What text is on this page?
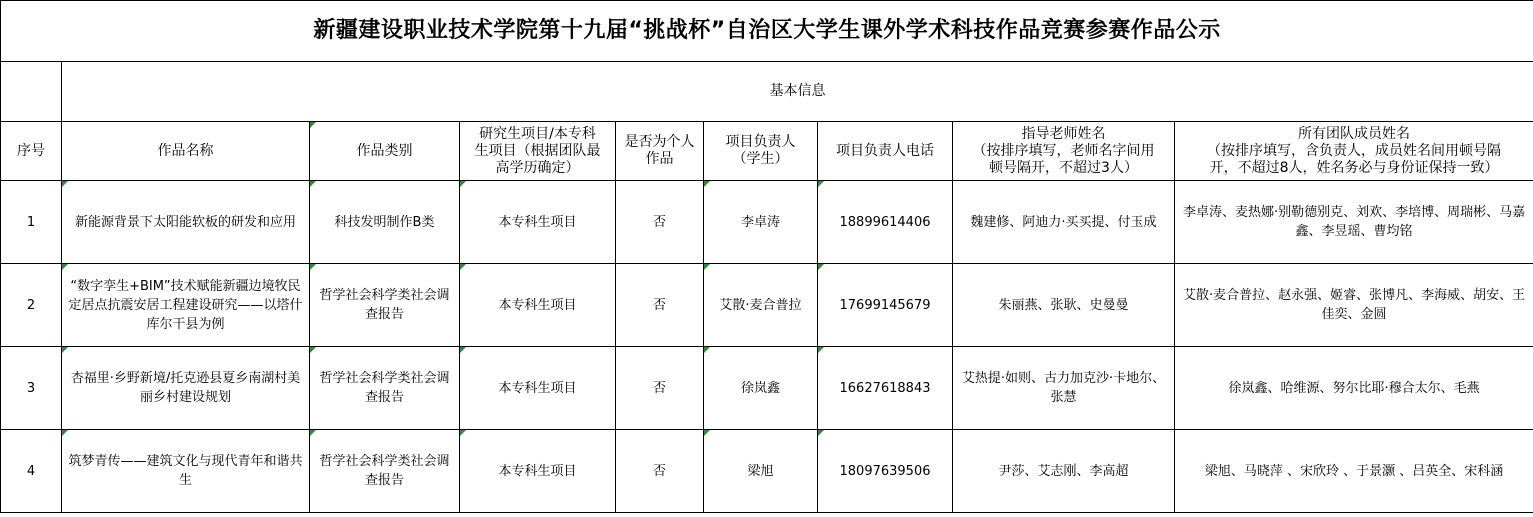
新疆建设职业技术学院第十九届“挑战杯”自治区大学生课外学术科技作品竞赛参赛作品公示								
	基本信息							
序号	作品名称	作品类别	研究生项目/本专科
生项目（根据团队最
高学历确定）	是否为个人
作品	项目负责人
（学生）	项目负责人电话	指导老师姓名
（按排序填写，老师名字间用
顿号隔开，不超过3人）	所有团队成员姓名
（按排序填写，含负责人，成员姓名间用顿号隔
开，不超过8人，姓名务必与身份证保持一致）

1	新能源背景下太阳能软板的研发和应用	科技发明制作B类	本专科生项目	否	李卓涛	18899614406	魏建修、阿迪力·买买提、付玉成	李卓涛、麦热娜·别勒德别克、刘欢、李培博、周瑞彬、马嘉鑫、李昱瑶、曹均铭
2	“数字孪生+BIM”技术赋能新疆边境牧民定居点抗震安居工程建设研究——以塔什库尔干县为例	哲学社会科学类社会调查报告	本专科生项目	否	艾散·麦合普拉	17699145679	朱丽燕、张耿、史曼曼	艾散·麦合普拉、赵永强、姬睿、张博凡、李海威、胡安、王佳奕、金圆
3	杏福里·乡野新境/托克逊县夏乡南湖村美丽乡村建设规划	哲学社会科学类社会调查报告	本专科生项目	否	徐岚鑫	16627618843	艾热提·如则、古力加克沙·卡地尔、张慧	徐岚鑫、哈维源、努尔比耶·穆合太尔、毛燕
4	筑梦青传——建筑文化与现代青年和谐共生	哲学社会科学类社会调查报告	本专科生项目	否	梁旭	18097639506	尹莎、艾志刚、李高超	梁旭、马晓萍 、宋欣玲 、于景灏 、吕英全、宋科涵
